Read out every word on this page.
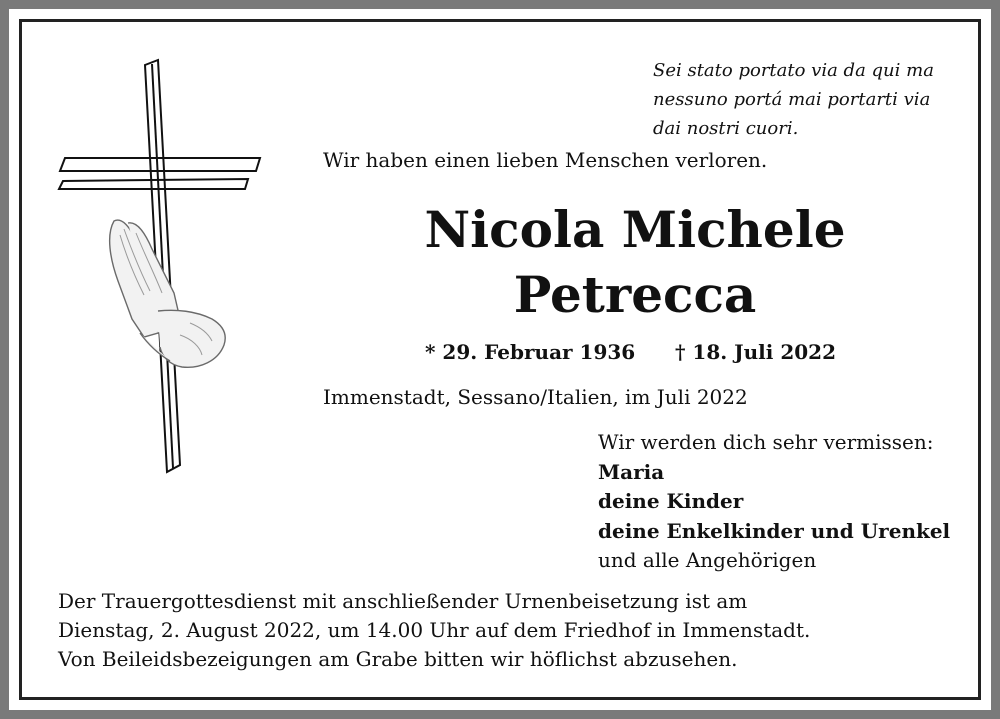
Sei stato portato via da qui ma
nessuno portá mai portarti via
dai nostri cuori.
Wir haben einen lieben Menschen verloren.
Nicola Michele
Petrecca
* 29. Februar 1936 † 18. Juli 2022
Immenstadt, Sessano/Italien, im Juli 2022
Wir werden dich sehr vermissen:
Maria
deine Kinder
deine Enkelkinder und Urenkel
und alle Angehörigen
Der Trauergottesdienst mit anschließender Urnenbeisetzung ist am
Dienstag, 2. August 2022, um 14.00 Uhr auf dem Friedhof in Immenstadt.
Von Beileidsbezeigungen am Grabe bitten wir höflichst abzusehen.
